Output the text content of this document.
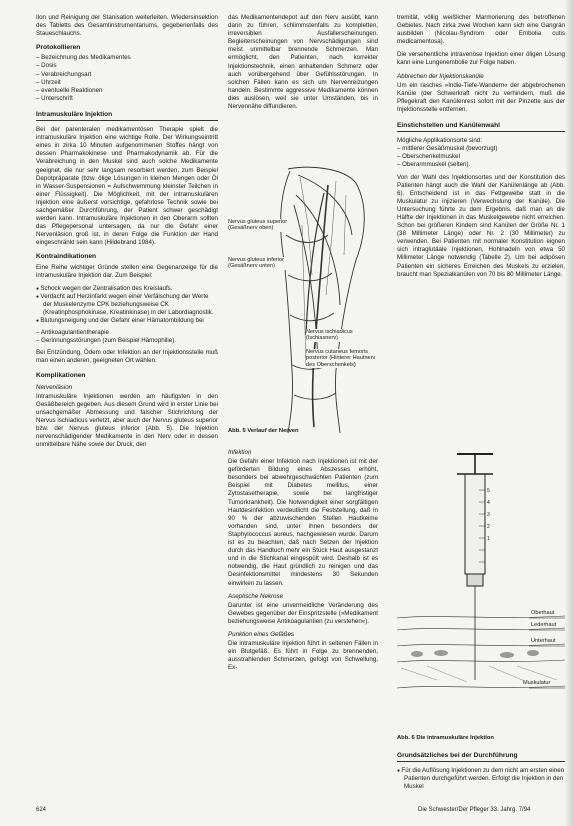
Ilon und Reinigung der Stanisation weiterleiten. Wiedersinsektion des Tabletts des Gesamtinstrumentariums, gegebenenfalls des Staueschlauchs.

Protokollieren
– Bezeichnung des Medikamentes
– Dosis
– Verabreichungsart
– Uhrzeit
– eventuelle Reaktionen
– Unterschrift
Intramuskuläre Injektion

Bei der parenteralen medikamentösen Therapie spielt die intramuskuläre Injektion eine wichtige Rolle. Der Wirkungseintritt eines in zirka 10 Minuten aufgenommenen Stoffes hängt von dessen Pharmakokinese und Pharmakodynamik ab. Für die Verabreichung in den Muskel sind auch solche Medikamente geeignet, die nur sehr langsam resorbiert werden, zum Beispiel Depotpräparate (bzw. ölige Lösungen in kleinen Mengen oder Öl in Wasser-Suspensionen = Aufschwemmung kleinster Teilchen in einer Flüssigkeit). Die Möglichkeit, mit der intramuskulären Injektion eine äußerst vorsichtige, gefahrlose Technik sowie bei sachgemäßer Durchführung, der Patient schwer geschädigt werden kann. Intramuskuläre Injektionen in den Oberarm sollten das Pflegepersonal untersagen, da nur die Gefahr einer Nervenläsion groß ist, in deren Folge die Funktion der Hand eingeschränkt sein kann (Hildebrand 1984).

Kontraindikationen

Eine Reihe wichtiger Gründe stellen eine Gegenanzeige für die intramuskuläre Injektion dar. Zum Beispiel:

● Schock wegen der Zentralisation des Kreislaufs.
● Verdacht auf Herzinfarkt wegen einer Verfälschung der Werte der Muskelenzyme CPK beziehungsweise CK (Kreatinphosphokinase, Kreatinkinase) in der Labordiagnostik.
● Blutungsneigung und der Gefahr einer Hämatombildung bei
– Antikoagulantientherapie
– Gerinnungsstörungen (zum Beispiel Hämophilie).

Bei Entzündung, Ödem oder Infektion an der Injektionsstelle muß man einen anderen, geeigneten Ort wählen.

Komplikationen
Nervenläsion

Intramuskuläre Injektionen werden am häufigsten in den Gesäßbereich gegeben. Aus diesem Grund wird in erster Linie bei unsachgemäßer Abmessung und falscher Stichrichtung der Nervus ischiadicus verletzt, aber auch der Nervus gluteus superior bzw. der Nervus gluteus inferior (Abb. 5). Die Injektion nervenschädigender Medikamente in den Nerv oder in dessen unmittelbare Nähe sowie der Druck, den

das Medikamentendepot auf den Nerv ausübt, kann dann zu führen, schlimmstenfalls zu kompletten, irreversiblen Ausfallerscheinungen. Begleiterscheinungen von Nervschädigungen sind meist unmittelbar brennende Schmerzen. Man ermöglicht, den Patienten, nach korrekter Injektionstechnik, einen anhaltenden Schmerz oder auch vorübergehend über Gefühlsstörungen. In solchen Fällen kann es sich um Nervenreizungen handeln. Bestimmte aggressive Medikamente können dies auslösen, weil sie unter Umständen, bis in Nervennähe diffundieren.

Nervus gluteus superior (Gesäßnerv oben)
Nervus gluteus inferior (Gesäßnerv unten)
Nervus ischiadicus (Ischiasnerv)
Nervus cutaneus femoris posterior (Hinterer Hautnerv des Oberschenkels)
Abb. 5 Verlauf der Nerven
Infektion

Die Gefahr einer Infektion nach Injektionen ist mit der geförderten Bildung eines Abszesses erhöht, besonders bei abwehrgeschwächten Patienten (zum Beispiel mit Diabetes mellitus, einer Zytostasetherapie, sowie bei langfristiger Tumorkrankheit). Die Notwendigkeit einer sorgfältigen Hautdesinfektion verdeutlicht die Feststellung, daß in 90 % der abzuwischenden Stellen Hautkeime vorhanden sind, unter ihnen besonders der Staphylococcus aureus, nachgewiesen wurde. Darum ist es zu beachten, daß nach Setzen der Injektion durch das Handtuch mehr ein Stück Haut ausgestanzt und in die Stichkanal eingespült wird. Deshalb ist es notwendig, die Haut gründlich zu reinigen und das Desinfektionsmittel mindestens 30 Sekunden einwirken zu lassen.

Aseptische Nekrose

Darunter ist eine unvermeidliche Veränderung des Gewebes gegenüber der Einspritzstelle (»Medikament beziehungsweise Antikoagulantien (zu verstehen«).

Punktion eines Gefäßes

Die intramuskuläre Injektion führt in seltenen Fällen in ein Blutgefäß. Es führt in Folge zu brennenden, ausstrahlenden Schmerzen, gefolgt von Schwellung, Ex-

tremität, völlig weißlicher Marmorierung des betroffenen Gebietes. Nach zirka zwei Wochen kann sich eine Gangrän ausbilden (Nicolau-Syndrom oder Embolia cutis medicamentosa).

Die versehentliche intravenöse Injektion einer öligen Lösung kann eine Lungenembolie zur Folge haben.

Abbrechen der Injektionskanüle

Um ein rasches »Indie-Tiefe-Wandern« der abgebrochenen Kanüle (der Schwerkraft nicht zu verhindern, muß die Pflegekraft den Kanülenrest sofort mit der Pinzette aus der Injektionsstelle entfernen.

Einstichstellen und Kanülenwahl

Mögliche Applikationsorte sind:

– mittlerer Gesäßmuskel (bevorzugt)
– Oberschenkelmuskel
– Oberarmmuskel (selten).

Von der Wahl des Injektionsortes und der Konstitution des Patienten hängt auch die Wahl der Kanülenlänge ab (Abb. 6). Entscheidend ist in das Fettgewebe statt in die Muskulatur zu injizieren (Verwechslung der Kanüle). Die Untersuchung führte zu dem Ergebnis, daß man an die Hälfte der Injektionen in das Muskelgewebe nicht erreichen. Schon bei größeren Kindern sind Kanülen der Größe Nr. 1 (38 Millimeter Länge) oder Nr. 2 (30 Millimeter) zu verwenden. Bei Patienten mit normaler Konstitution eignen sich intraglutäale Injektionen, Hohlnadeln von etwa 50 Millimeter Länge notwendig (Tabelle 2). Um bei adipösen Patienten ein sicheres Erreichen des Muskels zu erzielen, braucht man Spezialkanülen von 70 bis 80 Millimeter Länge.

5
4
3
2
1
Oberhaut
Lederhaut
Unterhaut
Muskulatur
Abb. 6 Die intramuskuläre Injektion
Grundsätzliches bei der Durchführung
● Für die Auflösung Injektionen zu dem nicht am ersten einen Patienten durchgeführt werden. Erfolgt die Injektion in den Muskel
624	Die Schwester/Der Pfleger 33. Jahrg. 7/94
